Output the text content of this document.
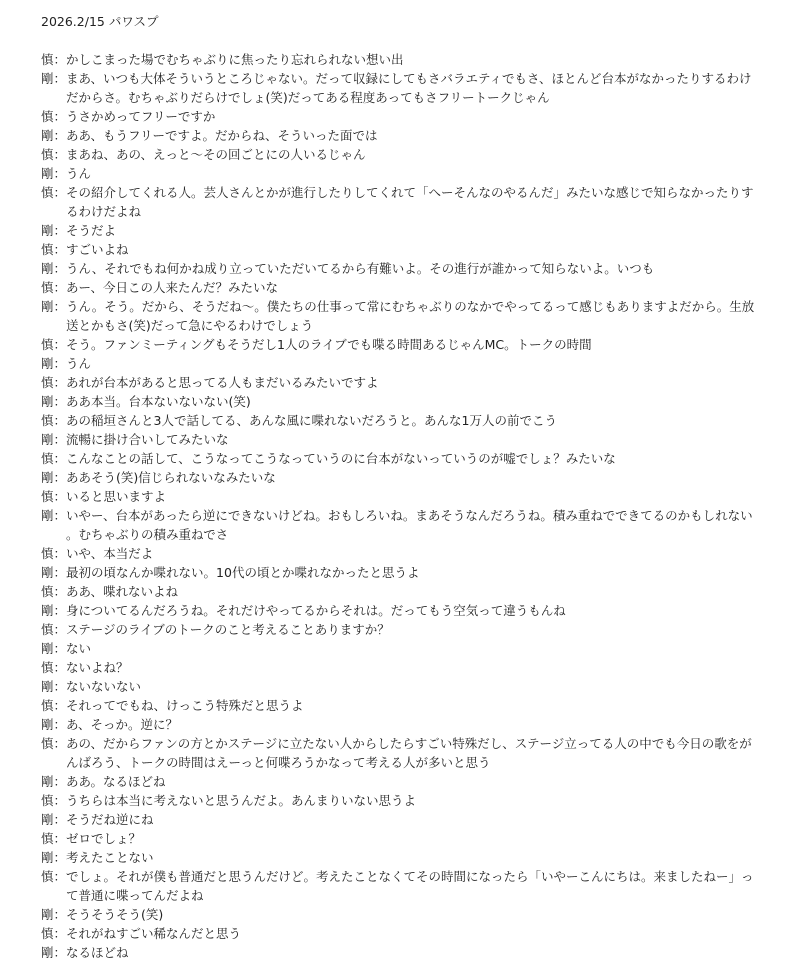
2026.2/15 パワスプ
慎 ： かしこまった場でむちゃぶりに焦ったり忘れられない想い出
剛 ： まあ、いつも大体そういうところじゃない。だって収録にしてもさバラエティでもさ、ほとんど台本がなかったりするわけだからさ。むちゃぶりだらけでしょ(笑)だってある程度あってもさフリートークじゃん
慎 ： うさかめってフリーですか
剛 ： ああ、もうフリーですよ。だからね、そういった面では
慎 ： まあね、あの、えっと〜その回ごとにの人いるじゃん
剛 ： うん
慎 ： その紹介してくれる人。芸人さんとかが進行したりしてくれて「へーそんなのやるんだ」みたいな感じで知らなかったりするわけだよね
剛 ： そうだよ
慎 ： すごいよね
剛 ： うん、それでもね何かね成り立っていただいてるから有難いよ。その進行が誰かって知らないよ。いつも
慎 ： あー、今日この人来たんだ？みたいな
剛 ： うん。そう。だから、そうだね〜。僕たちの仕事って常にむちゃぶりのなかでやってるって感じもありますよだから。生放送とかもさ(笑)だって急にやるわけでしょう
慎 ： そう。ファンミーティングもそうだし1人のライブでも喋る時間あるじゃんMC。トークの時間
剛 ： うん
慎 ： あれが台本があると思ってる人もまだいるみたいですよ
剛 ： ああ本当。台本ないないない(笑)
慎 ： あの稲垣さんと3人で話してる、あんな風に喋れないだろうと。あんな1万人の前でこう
剛 ： 流暢に掛け合いしてみたいな
慎 ： こんなことの話して、こうなってこうなっていうのに台本がないっていうのが嘘でしょ？みたいな
剛 ： ああそう(笑)信じられないなみたいな
慎 ： いると思いますよ
剛 ： いやー、台本があったら逆にできないけどね。おもしろいね。まあそうなんだろうね。積み重ねでできてるのかもしれない。むちゃぶりの積み重ねでさ
慎 ： いや、本当だよ
剛 ： 最初の頃なんか喋れない。10代の頃とか喋れなかったと思うよ
慎 ： ああ、喋れないよね
剛 ： 身についてるんだろうね。それだけやってるからそれは。だってもう空気って違うもんね
慎 ： ステージのライブのトークのこと考えることありますか？
剛 ： ない
慎 ： ないよね？
剛 ： ないないない
慎 ： それってでもね、けっこう特殊だと思うよ
剛 ： あ、そっか。逆に？
慎 ： あの、だからファンの方とかステージに立たない人からしたらすごい特殊だし、ステージ立ってる人の中でも今日の歌をがんばろう、トークの時間はえーっと何喋ろうかなって考える人が多いと思う
剛 ： ああ。なるほどね
慎 ： うちらは本当に考えないと思うんだよ。あんまりいない思うよ
剛 ： そうだね逆にね
慎 ： ゼロでしょ？
剛 ： 考えたことない
慎 ： でしょ。それが僕も普通だと思うんだけど。考えたことなくてその時間になったら「いやーこんにちは。来ましたねー」って普通に喋ってんだよね
剛 ： そうそうそう(笑)
慎 ： それがねすごい稀なんだと思う
剛 ： なるほどね
